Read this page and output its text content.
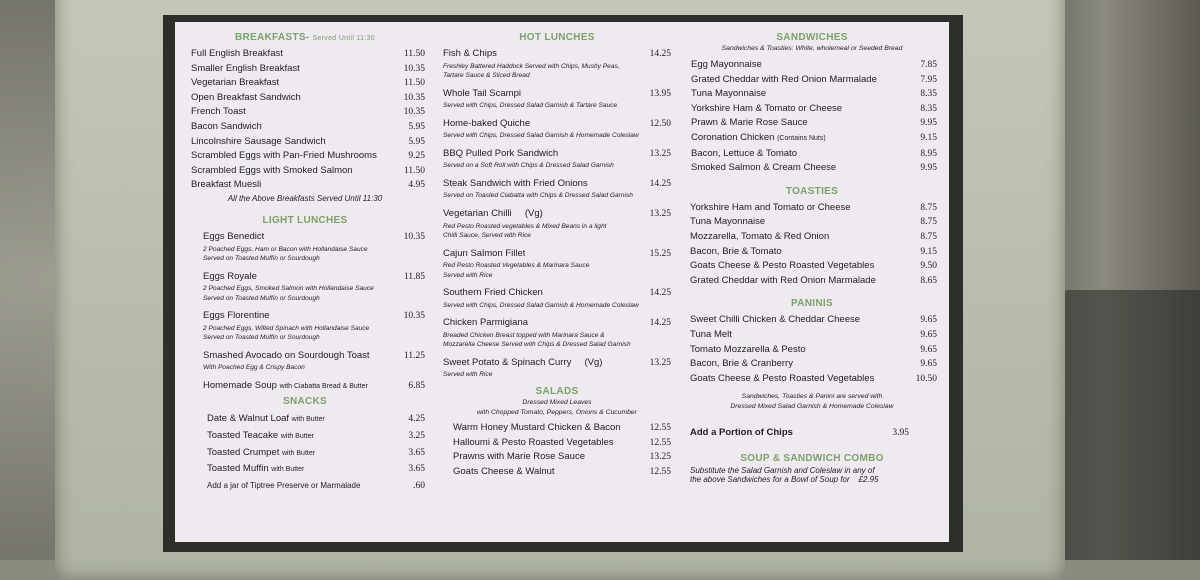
BREAKFASTS- Served Until 11:30
Full English Breakfast	11.50
Smaller English Breakfast	10.35
Vegetarian Breakfast	11.50
Open Breakfast Sandwich	10.35
French Toast	10.35
Bacon Sandwich	5.95
Lincolnshire Sausage Sandwich	5.95
Scrambled Eggs with Pan-Fried Mushrooms	9.25
Scrambled Eggs with Smoked Salmon	11.50
Breakfast Muesli	4.95
All the Above Breakfasts Served Until 11:30
LIGHT LUNCHES
Eggs Benedict	10.35
2 Poached Eggs, Ham or Bacon with Hollandaise Sauce
Served on Toasted Muffin or Sourdough
Eggs Royale	11.85
2 Poached Eggs, Smoked Salmon with Hollandaise Sauce
Served on Toasted Muffin or Sourdough
Eggs Florentine	10.35
2 Poached Eggs, Wilted Spinach with Hollandaise Sauce
Served on Toasted Muffin or Sourdough
Smashed Avocado on Sourdough Toast	11.25
With Poached Egg & Crispy Bacon
Homemade Soup with Ciabatta Bread & Butter	6.85
SNACKS
Date & Walnut Loaf with Butter	4.25
Toasted Teacake with Butter	3.25
Toasted Crumpet with Butter	3.65
Toasted Muffin with Butter	3.65
Add a jar of Tiptree Preserve or Marmalade	.60
HOT LUNCHES
Fish & Chips	14.25
Freshley Battered Haddock Served with Chips, Mushy Peas,
Tartare Sauce & Sliced Bread
Whole Tail Scampi	13.95
Served with Chips, Dressed Salad Garnish & Tartare Sauce
Home-baked Quiche	12.50
Served with Chips, Dressed Salad Garnish & Homemade Coleslaw
BBQ Pulled Pork Sandwich	13.25
Served on a Soft Roll with Chips & Dressed Salad Garnish
Steak Sandwich with Fried Onions	14.25
Served on Toasted Ciabatta with Chips & Dressed Salad Garnish
Vegetarian Chilli     (Vg)	13.25
Red Pesto Roasted vegetables & Mixed Beans in a light
Chilli Sauce, Served with Rice
Cajun Salmon Fillet	15.25
Red Pesto Roasted Vegetables & Marinara Sauce
Served with Rice
Southern Fried Chicken	14.25
Served with Chips, Dressed Salad Garnish & Homemade Coleslaw
Chicken Parmigiana	14.25
Breaded Chicken Breast topped with Marinara Sauce &
Mozzarella Cheese Served with Chips & Dressed Salad Garnish
Sweet Potato & Spinach Curry     (Vg)	13.25
Served with Rice
SALADS
Dressed Mixed Leaves
with Chopped Tomato, Peppers, Onions & Cucumber
Warm Honey Mustard Chicken & Bacon	12.55
Halloumi & Pesto Roasted Vegetables	12.55
Prawns with Marie Rose Sauce	13.25
Goats Cheese & Walnut	12.55
SANDWICHES
Sandwiches & Toasties: White, wholemeal or Seeded Bread
Egg Mayonnaise	7.85
Grated Cheddar with Red Onion Marmalade	7.95
Tuna Mayonnaise	8.35
Yorkshire Ham & Tomato or Cheese	8.35
Prawn & Marie Rose Sauce	9.95
Coronation Chicken (Contains Nuts)	9.15
Bacon, Lettuce & Tomato	8.95
Smoked Salmon & Cream Cheese	9.95
TOASTIES
Yorkshire Ham and Tomato or Cheese	8.75
Tuna Mayonnaise	8.75
Mozzarella, Tomato & Red Onion	8.75
Bacon, Brie & Tomato	9.15
Goats Cheese & Pesto Roasted Vegetables	9.50
Grated Cheddar with Red Onion Marmalade	8.65
PANINIS
Sweet Chilli Chicken & Cheddar Cheese	9.65
Tuna Melt	9.65
Tomato Mozzarella & Pesto	9.65
Bacon, Brie & Cranberry	9.65
Goats Cheese & Pesto Roasted Vegetables	10.50
Sandwiches, Toasties & Panini are served with
Dressed Mixed Salad Garnish & Homemade Coleslaw
Add a Portion of Chips	3.95
SOUP & SANDWICH COMBO
Substitute the Salad Garnish and Coleslaw in any of
the above Sandwiches for a Bowl of Soup for £2.95
